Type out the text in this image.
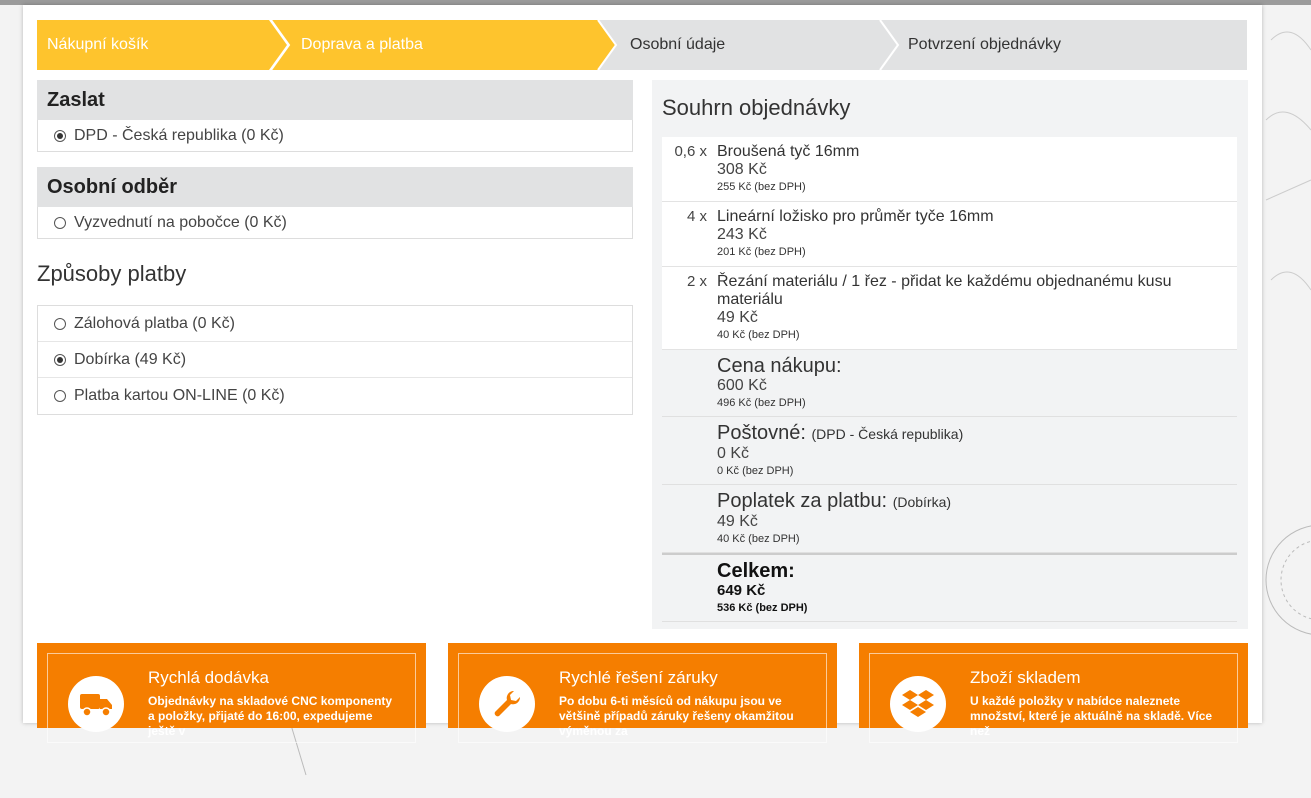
Nákupní košík	Doprava a platba	Osobní údaje	Potvrzení objednávky
Zaslat
DPD - Česká republika (0 Kč)
Osobní odběr
Vyzvednutí na pobočce (0 Kč)
Způsoby platby
Zálohová platba (0 Kč)
Dobírka (49 Kč)
Platba kartou ON-LINE (0 Kč)
Souhrn objednávky
0,6 x Broušená tyč 16mm
308 Kč
255 Kč (bez DPH)
4 x Lineární ložisko pro průměr tyče 16mm
243 Kč
201 Kč (bez DPH)
2 x Řezání materiálu / 1 řez - přidat ke každému objednanému kusu materiálu
49 Kč
40 Kč (bez DPH)
Cena nákupu:
600 Kč
496 Kč (bez DPH)
Poštovné: (DPD - Česká republika)
0 Kč
0 Kč (bez DPH)
Poplatek za platbu: (Dobírka)
49 Kč
40 Kč (bez DPH)
Celkem:
649 Kč
536 Kč (bez DPH)
Rychlá dodávka
Objednávky na skladové CNC komponenty a položky, přijaté do 16:00, expedujeme ještě v
Rychlé řešení záruky
Po dobu 6-ti měsíců od nákupu jsou ve většině případů záruky řešeny okamžitou výměnou za
Zboží skladem
U každé položky v nabídce naleznete množství, které je aktuálně na skladě. Více než
